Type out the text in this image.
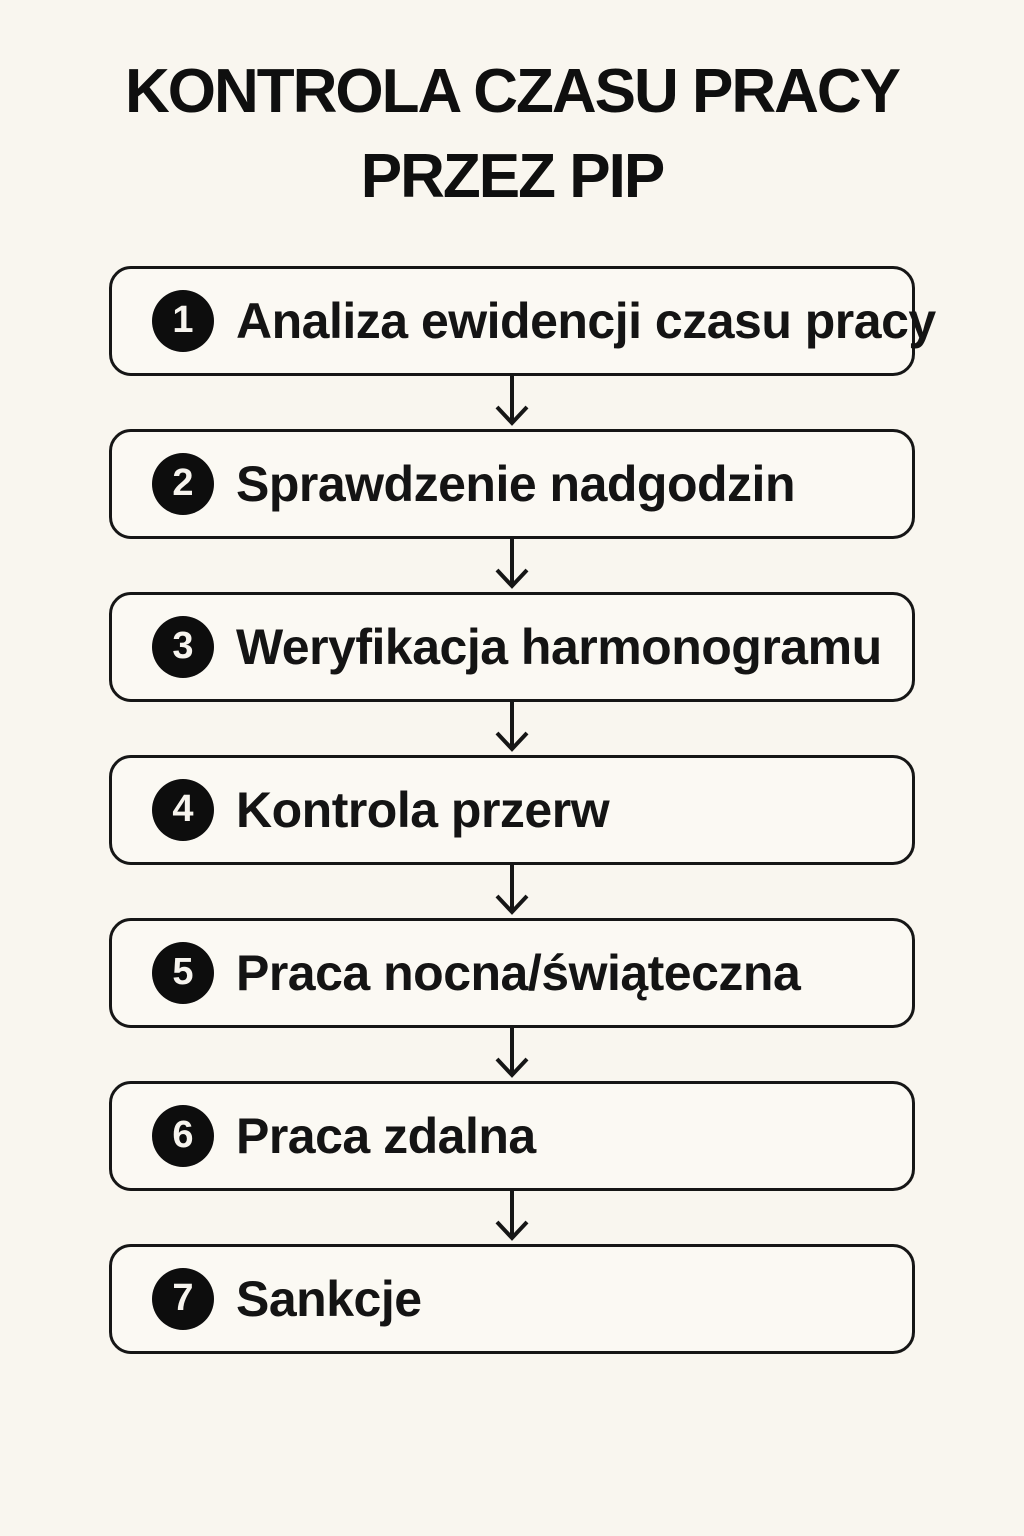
KONTROLA CZASU PRACY
PRZEZ PIP
1 Analiza ewidencji czasu pracy
2 Sprawdzenie nadgodzin
3 Weryfikacja harmonogramu
4 Kontrola przerw
5 Praca nocna/świąteczna
6 Praca zdalna
7 Sankcje
